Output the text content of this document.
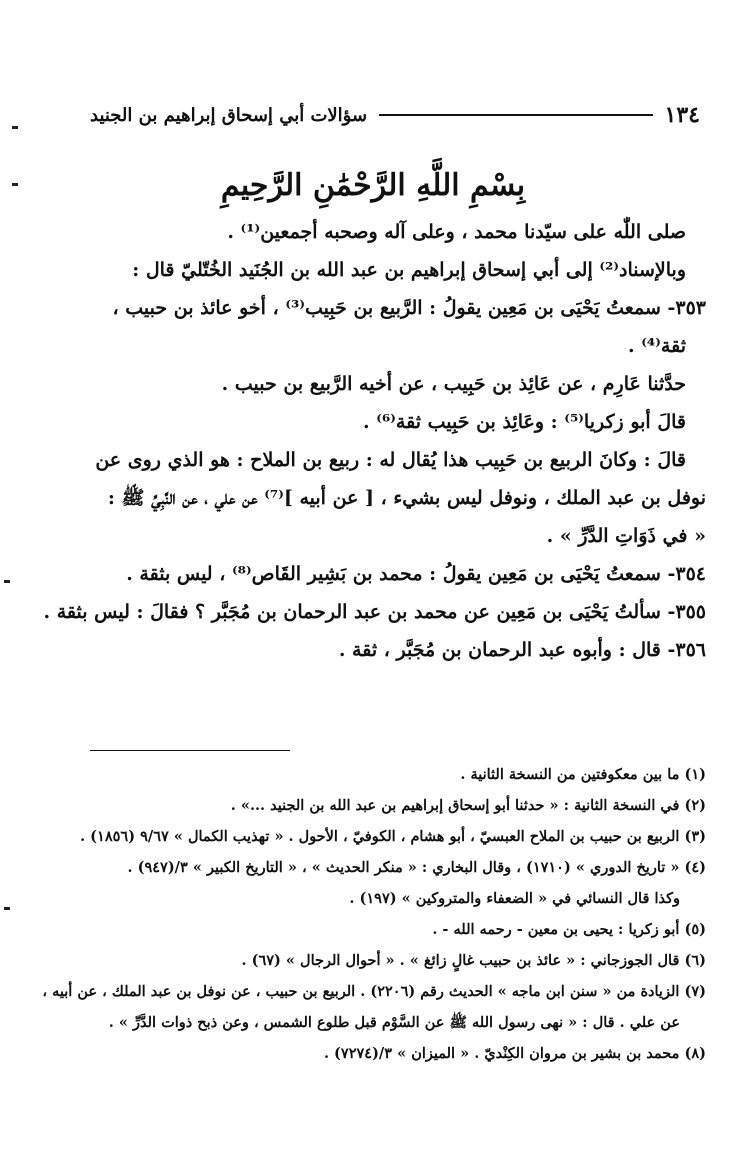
١٣٤
سؤالات أبي إسحاق إبراهيم بن الجنيد
بِسْمِ اللَّهِ الرَّحْمَٰنِ الرَّحِيمِ
صلى اللّٰه على سيّدنا محمد ، وعلى آله وصحبه أجمعين⁽¹⁾ .
وبالإسناد⁽²⁾ إلى أبي إسحاق إبراهيم بن عبد الله بن الجُنَيد الخُتّليّ قال :
٣٥٣- سمعتُ يَحْيَى بن مَعِين يقولُ : الرَّبيع بن حَبِيب⁽³⁾ ، أخو عائذ بن حبيب ،
ثقة⁽⁴⁾ .
حدَّثنا عَارِم ، عن عَائِذ بن حَبِيب ، عن أخيه الرَّبيع بن حبيب .
قالَ أبو زكريا⁽⁵⁾ : وعَائِذ بن حَبِيب ثقة⁽⁶⁾ .
قالَ : وكانَ الربيع بن حَبِيب هذا يُقال له : ربيع بن الملاح : هو الذي روى عن
نوفل بن عبد الملك ، ونوفل ليس بشيء ، [ عن أبيه ]⁽⁷⁾ عن علي ، عن النَّبِيِّ ﷺ :
« في ذَوَاتِ الدَّرِّ » .
٣٥٤- سمعتُ يَحْيَى بن مَعِين يقولُ : محمد بن بَشِير القَاص⁽⁸⁾ ، ليس بثقة .
٣٥٥- سألتُ يَحْيَى بن مَعِين عن محمد بن عبد الرحمان بن مُجَبَّر ؟ فقالَ : ليس بثقة .
٣٥٦- قال : وأبوه عبد الرحمان بن مُجَبَّر ، ثقة .
(١) ما بين معكوفتين من النسخة الثانية .
(٢) في النسخة الثانية : « حدثنا أبو إسحاق إبراهيم بن عبد الله بن الجنيد ...» .
(٣) الربيع بن حبيب بن الملاح العبسيّ ، أبو هشام ، الكوفيّ ، الأحول . « تهذيب الكمال » ٩/٦٧ (١٨٥٦) .
(٤) « تاريخ الدوري » (١٧١٠) ، وقال البخاري : « منكر الحديث » ، « التاريخ الكبير » ٣/(٩٤٧) .
وكذا قال النسائي في « الضعفاء والمتروكين » (١٩٧) .
(٥) أبو زكريا : يحيى بن معين - رحمه الله - .
(٦) قال الجوزجاني : « عائذ بن حبيب غالٍ زائغ » . « أحوال الرجال » (٦٧) .
(٧) الزيادة من « سنن ابن ماجه » الحديث رقم (٢٢٠٦) . الربيع بن حبيب ، عن نوفل بن عبد الملك ، عن أبيه ،
عن علي . قال : « نهى رسول الله ﷺ عن السَّوْم قبل طلوع الشمس ، وعن ذبح ذوات الدَّرِّ » .
(٨) محمد بن بشير بن مروان الكِنْديّ . « الميزان » ٣/(٧٢٧٤) .
